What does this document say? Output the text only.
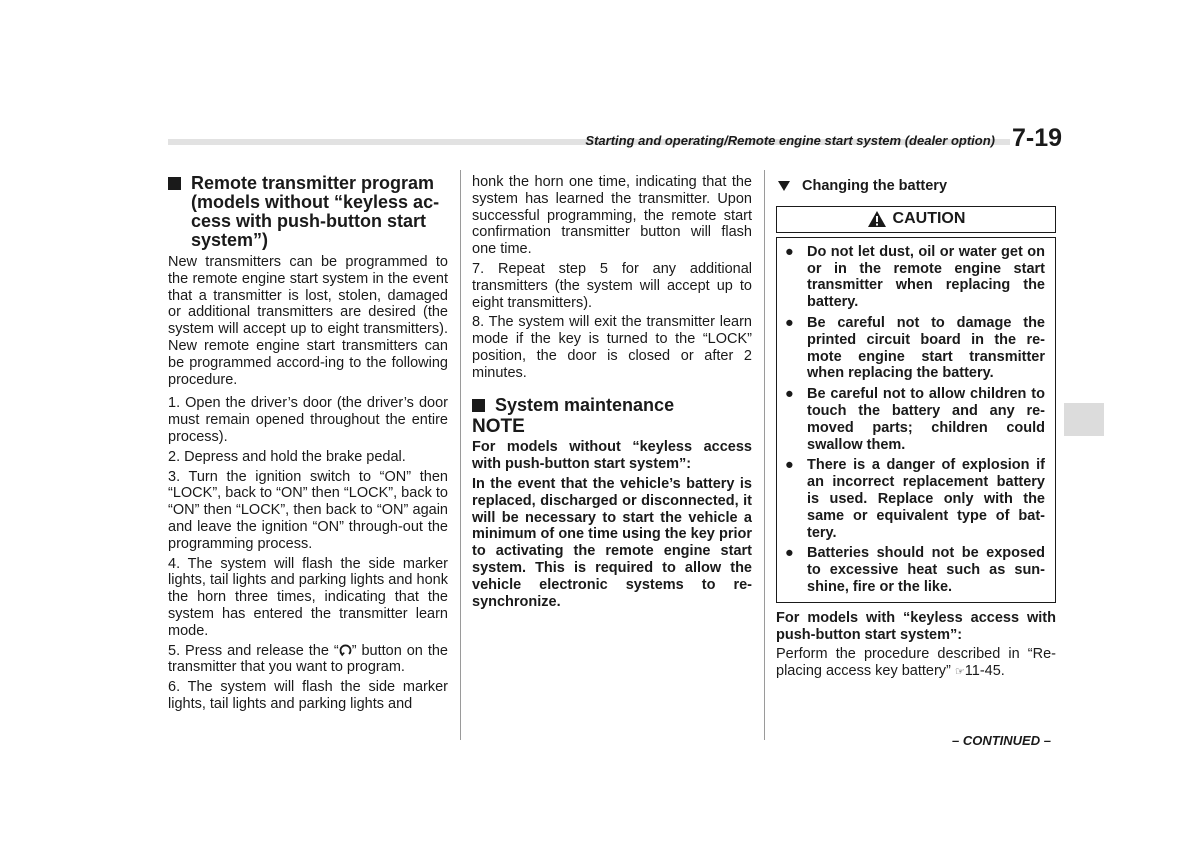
Starting and operating/Remote engine start system (dealer option) 7-19
Remote transmitter program (models without “keyless ac-cess with push-button start system”)

New transmitters can be programmed to the remote engine start system in the event that a transmitter is lost, stolen, damaged or additional transmitters are desired (the system will accept up to eight transmitters). New remote engine start transmitters can be programmed accord-ing to the following procedure.

1. Open the driver’s door (the driver’s door must remain opened throughout the entire process).

2. Depress and hold the brake pedal.

3. Turn the ignition switch to “ON” then “LOCK”, back to “ON” then “LOCK”, back to “ON” then “LOCK”, then back to “ON” again and leave the ignition “ON” through-out the programming process.

4. The system will flash the side marker lights, tail lights and parking lights and honk the horn three times, indicating that the system has entered the transmitter learn mode.

5. Press and release the “ ” button on the transmitter that you want to program.

6. The system will flash the side marker lights, tail lights and parking lights and

honk the horn one time, indicating that the system has learned the transmitter. Upon successful programming, the remote start confirmation transmitter button will flash one time.

7. Repeat step 5 for any additional transmitters (the system will accept up to eight transmitters).

8. The system will exit the transmitter learn mode if the key is turned to the “LOCK” position, the door is closed or after 2 minutes.

System maintenance
NOTE

For models without “keyless access with push-button start system”:

In the event that the vehicle’s battery is replaced, discharged or disconnected, it will be necessary to start the vehicle a minimum of one time using the key prior to activating the remote engine start system. This is required to allow the vehicle electronic systems to re-synchronize.

Changing the battery
CAUTION
● Do not let dust, oil or water get on or in the remote engine start transmitter when replacing the battery.
● Be careful not to damage the printed circuit board in the re-mote engine start transmitter when replacing the battery.
● Be careful not to allow children to touch the battery and any re-moved parts; children could swallow them.
● There is a danger of explosion if an incorrect replacement battery is used. Replace only with the same or equivalent type of bat-tery.
● Batteries should not be exposed to excessive heat such as sun-shine, fire or the like.

For models with “keyless access with push-button start system”:

Perform the procedure described in “Re-placing access key battery” ☞11-45.

– CONTINUED –
